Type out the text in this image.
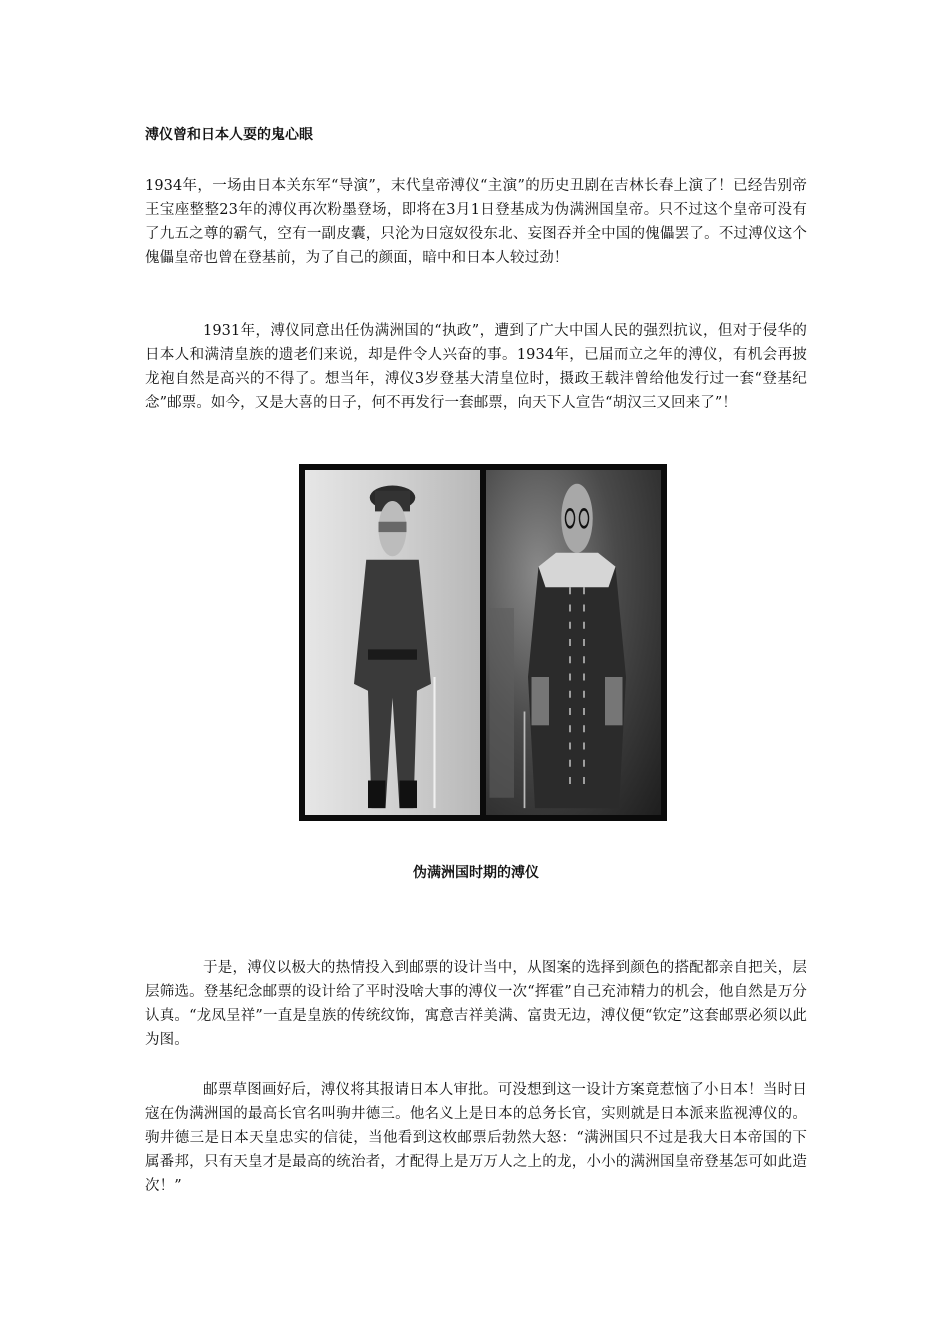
溥仪曾和日本人耍的鬼心眼

1934年，一场由日本关东军“导演”，末代皇帝溥仪“主演”的历史丑剧在吉林长春上演了！已经告别帝王宝座整整23年的溥仪再次粉墨登场，即将在3月1日登基成为伪满洲国皇帝。只不过这个皇帝可没有了九五之尊的霸气，空有一副皮囊，只沦为日寇奴役东北、妄图吞并全中国的傀儡罢了。不过溥仪这个傀儡皇帝也曾在登基前，为了自己的颜面，暗中和日本人较过劲！

1931年，溥仪同意出任伪满洲国的“执政”，遭到了广大中国人民的强烈抗议，但对于侵华的日本人和满清皇族的遗老们来说，却是件令人兴奋的事。1934年，已届而立之年的溥仪，有机会再披龙袍自然是高兴的不得了。想当年，溥仪3岁登基大清皇位时，摄政王载沣曾给他发行过一套“登基纪念”邮票。如今，又是大喜的日子，何不再发行一套邮票，向天下人宣告“胡汉三又回来了”！

伪满洲国时期的溥仪

于是，溥仪以极大的热情投入到邮票的设计当中，从图案的选择到颜色的搭配都亲自把关，层层筛选。登基纪念邮票的设计给了平时没啥大事的溥仪一次“挥霍”自己充沛精力的机会，他自然是万分认真。“龙凤呈祥”一直是皇族的传统纹饰，寓意吉祥美满、富贵无边，溥仪便“钦定”这套邮票必须以此为图。

邮票草图画好后，溥仪将其报请日本人审批。可没想到这一设计方案竟惹恼了小日本！当时日寇在伪满洲国的最高长官名叫驹井德三。他名义上是日本的总务长官，实则就是日本派来监视溥仪的。驹井德三是日本天皇忠实的信徒，当他看到这枚邮票后勃然大怒：“满洲国只不过是我大日本帝国的下属番邦，只有天皇才是最高的统治者，才配得上是万万人之上的龙，小小的满洲国皇帝登基怎可如此造次！”
